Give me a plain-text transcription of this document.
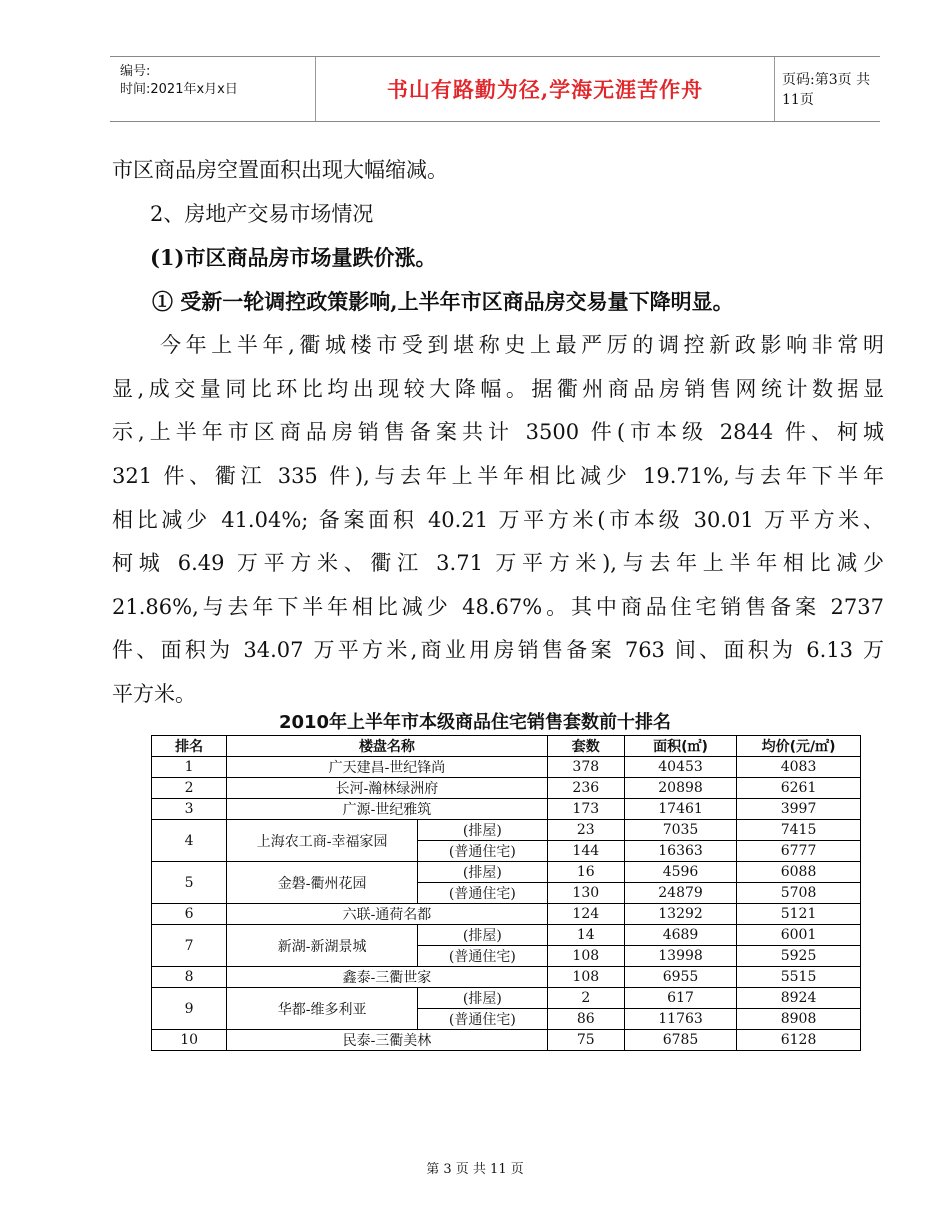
编号:
时间:2021年x月x日	书山有路勤为径,学海无涯苦作舟	页码:第3页 共11页
市区商品房空置面积出现大幅缩减。
2、房地产交易市场情况
(1)市区商品房市场量跌价涨。
① 受新一轮调控政策影响,上半年市区商品房交易量下降明显。
今年上半年,衢城楼市受到堪称史上最严厉的调控新政影响非常明
显,成交量同比环比均出现较大降幅。据衢州商品房销售网统计数据显
示,上半年市区商品房销售备案共计 3500 件(市本级 2844 件、柯城
321 件、衢江 335 件),与去年上半年相比减少 19.71%,与去年下半年
相比减少 41.04%; 备案面积 40.21 万平方米(市本级 30.01 万平方米、
柯城 6.49 万平方米、衢江 3.71 万平方米),与去年上半年相比减少
21.86%,与去年下半年相比减少 48.67%。其中商品住宅销售备案 2737
件、面积为 34.07 万平方米,商业用房销售备案 763 间、面积为 6.13 万
平方米。
2010年上半年市本级商品住宅销售套数前十排名
排名	楼盘名称		套数	面积(㎡)	均价(元/㎡)
1	广天建昌-世纪锋尚		378	40453	4083
2	长河-瀚林绿洲府		236	20898	6261
3	广源-世纪雅筑		173	17461	3997
4	上海农工商-幸福家园	(排屋)	23	7035	7415
		(普通住宅)	144	16363	6777
5	金磐-衢州花园	(排屋)	16	4596	6088
		(普通住宅)	130	24879	5708
6	六联-通荷名都		124	13292	5121
7	新湖-新湖景城	(排屋)	14	4689	6001
		(普通住宅)	108	13998	5925
8	鑫泰-三衢世家		108	6955	5515
9	华都-维多利亚	(排屋)	2	617	8924
		(普通住宅)	86	11763	8908
10	民泰-三衢美林		75	6785	6128
第 3 页 共 11 页
